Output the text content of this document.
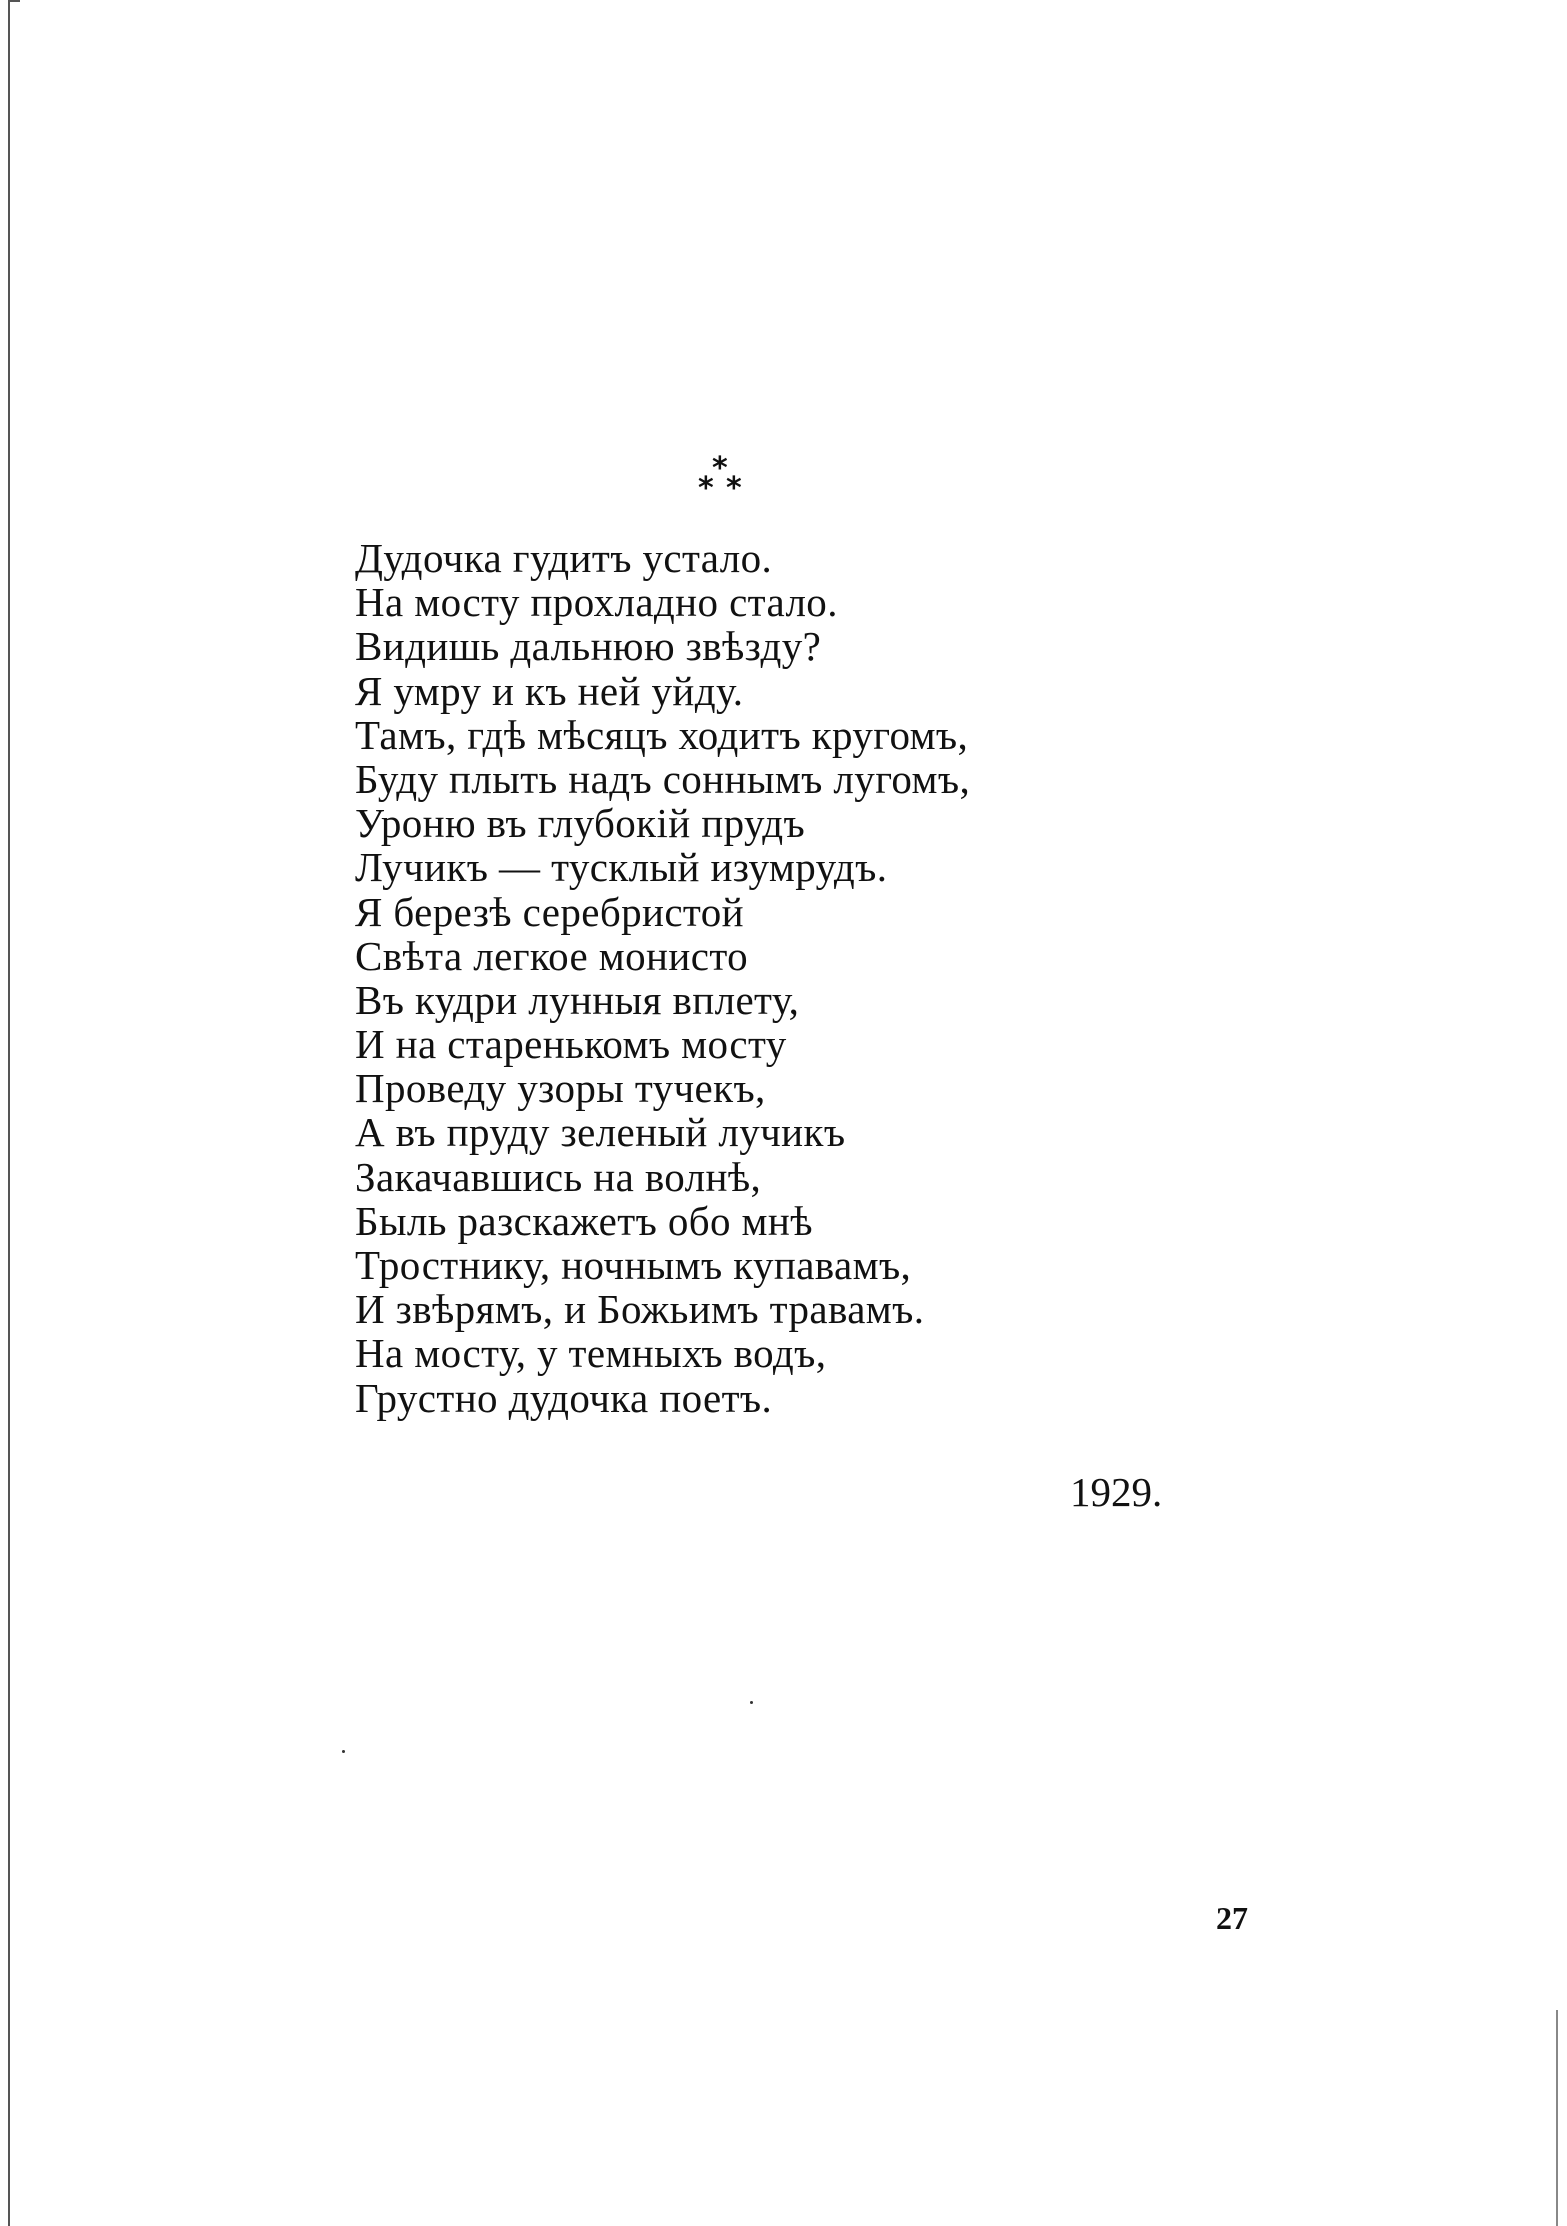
*
* *
Дудочка гудитъ устало.
На мосту прохладно стало.
Видишь дальнюю звѣзду?
Я умру и къ ней уйду.
Тамъ, гдѣ мѣсяцъ ходитъ кругомъ,
Буду плыть надъ соннымъ лугомъ,
Уроню въ глубокій прудъ
Лучикъ — тусклый изумрудъ.
Я березѣ серебристой
Свѣта легкое монисто
Въ кудри лунныя вплету,
И на старенькомъ мосту
Проведу узоры тучекъ,
А въ пруду зеленый лучикъ
Закачавшись на волнѣ,
Быль разскажетъ обо мнѣ
Тростнику, ночнымъ купавамъ,
И звѣрямъ, и Божьимъ травамъ.
На мосту, у темныхъ водъ,
Грустно дудочка поетъ.
1929.
27
